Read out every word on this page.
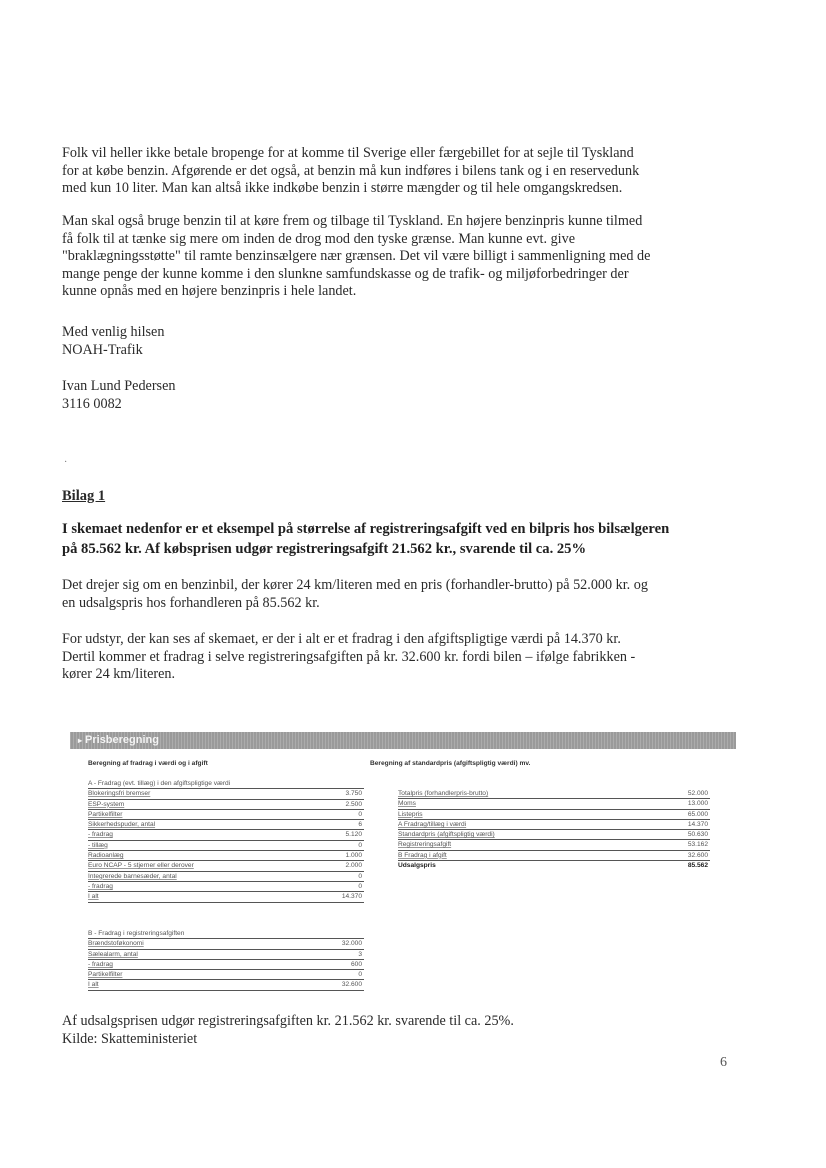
Folk vil heller ikke betale bropenge for at komme til Sverige eller færgebillet for at sejle til Tyskland

for at købe benzin. Afgørende er det også, at benzin må kun indføres i bilens tank og i en reservedunk

med kun 10 liter. Man kan altså ikke indkøbe benzin i større mængder og til hele omgangskredsen.

Man skal også bruge benzin til at køre frem og tilbage til Tyskland. En højere benzinpris kunne tilmed

få folk til at tænke sig mere om inden de drog mod den tyske grænse. Man kunne evt. give

"braklægningsstøtte" til ramte benzinsælgere nær grænsen. Det vil være billigt i sammenligning med de

mange penge der kunne komme i den slunkne samfundskasse og de trafik- og miljøforbedringer der

kunne opnås med en højere benzinpris i hele landet.

Med venlig hilsen

NOAH-Trafik

Ivan Lund Pedersen

3116 0082

·
Bilag 1
I skemaet nedenfor er et eksempel på størrelse af registreringsafgift ved en bilpris hos bilsælgeren
på 85.562 kr. Af købsprisen udgør registreringsafgift 21.562 kr., svarende til ca. 25%

Det drejer sig om en benzinbil, der kører 24 km/literen med en pris (forhandler-brutto) på 52.000 kr. og

en udsalgspris hos forhandleren på 85.562 kr.

For udstyr, der kan ses af skemaet, er der i alt er et fradrag i den afgiftspligtige værdi på 14.370 kr.

Dertil kommer et fradrag i selve registreringsafgiften på kr. 32.600 kr. fordi bilen – ifølge fabrikken -

kører 24 km/literen.

▸ Prisberegning
Beregning af fradrag i værdi og i afgift	Beregning af standardpris (afgiftspligtig værdi) mv.
A - Fradrag (evt. tillæg) i den afgiftspligtige værdi
Blokeringsfri bremser	3.750
ESP-system	2.500
Partikelfilter	0
Sikkerhedspuder, antal	6
- fradrag	5.120
- tillæg	0
Radioanlæg	1.000
Euro NCAP - 5 stjerner eller derover	2.000
Integrerede barnesæder, antal	0
- fradrag	0
I alt	14.370
B - Fradrag i registreringsafgiften
Brændstoføkonomi	32.000
Sælealarm, antal	3
- fradrag	600
Partikelfilter	0
I alt	32.600
Totalpris (forhandlerpris-brutto)	52.000
Moms	13.000
Listepris	65.000
A Fradrag/tillæg i værdi	14.370
Standardpris (afgiftspligtig værdi)	50.630
Registreringsafgift	53.162
B Fradrag i afgift	32.600
Udsalgspris	85.562

Af udsalgsprisen udgør registreringsafgiften kr. 21.562 kr. svarende til ca. 25%.

Kilde: Skatteministeriet

6
